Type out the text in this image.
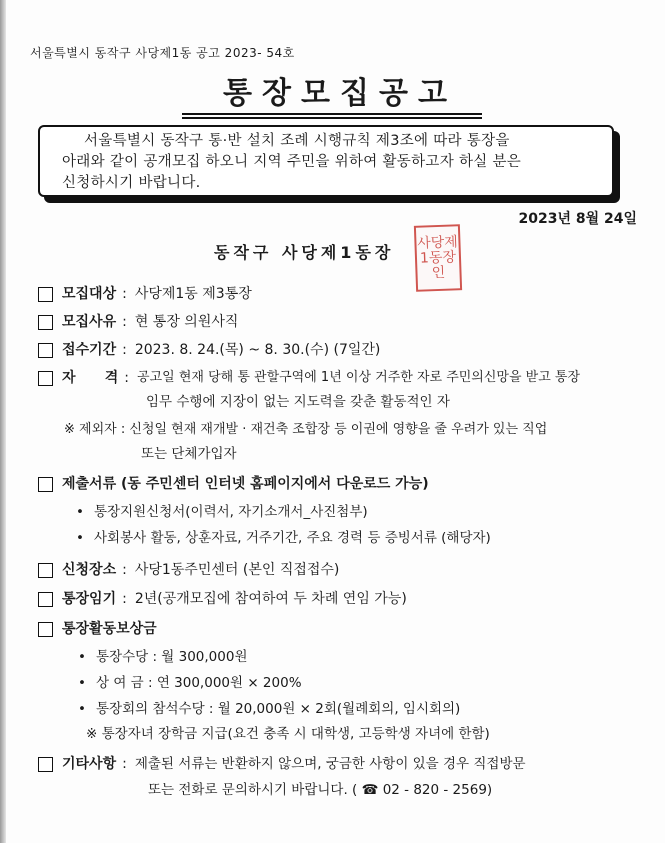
서울특별시 동작구 사당제1동 공고 2023- 54호
통장모집공고
서울특별시 동작구 통·반 설치 조례 시행규칙 제3조에 따라 통장을
아래와 같이 공개모집 하오니 지역 주민을 위하여 활동하고자 하실 분은
신청하시기 바랍니다.
2023년 8월 24일
동작구 사당제1동장
사당제
1동장인
모집대상 : 사당제1동 제3통장
모집사유 : 현 통장 의원사직
접수기간 : 2023. 8. 24.(목) ~ 8. 30.(수) (7일간)
자      격 : 공고일 현재 당해 통 관할구역에 1년 이상 거주한 자로 주민의신망을 받고 통장
임무 수행에 지장이 없는 지도력을 갖춘 활동적인 자
※ 제외자 : 신청일 현재 재개발 · 재건축 조합장 등 이권에 영향을 줄 우려가 있는 직업
또는 단체가입자
제출서류 (동 주민센터 인터넷 홈페이지에서 다운로드 가능)
• 통장지원신청서(이력서, 자기소개서_사진첨부)
• 사회봉사 활동, 상훈자료, 거주기간, 주요 경력 등 증빙서류 (해당자)
신청장소 : 사당1동주민센터 (본인 직접접수)
통장임기 : 2년(공개모집에 참여하여 두 차례 연임 가능)
통장활동보상금
• 통장수당 : 월 300,000원
• 상 여 금 : 연 300,000원 × 200%
• 통장회의 참석수당 : 월 20,000원 × 2회(월례회의, 임시회의)
※ 통장자녀 장학금 지급(요건 충족 시 대학생, 고등학생 자녀에 한함)
기타사항 : 제출된 서류는 반환하지 않으며, 궁금한 사항이 있을 경우 직접방문
또는 전화로 문의하시기 바랍니다. ( ☎ 02 - 820 - 2569)
